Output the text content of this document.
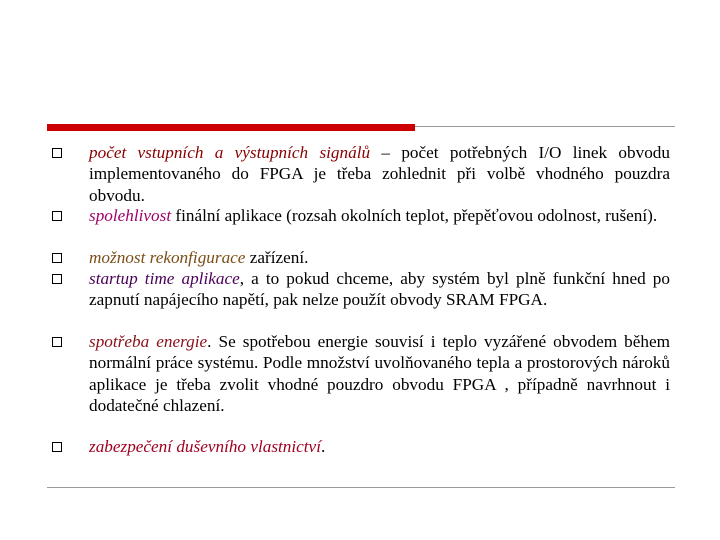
počet vstupních a výstupních signálů – počet potřebných I/O linek obvodu implementovaného do FPGA je třeba zohlednit při volbě vhodného pouzdra obvodu.
spolehlivost finální aplikace (rozsah okolních teplot, přepěťovou odolnost, rušení).
možnost rekonfigurace zařízení.
startup time aplikace, a to pokud chceme, aby systém byl plně funkční hned po zapnutí napájecího napětí, pak nelze použít obvody SRAM FPGA.
spotřeba energie. Se spotřebou energie souvisí i teplo vyzářené obvodem během normální práce systému. Podle množství uvolňovaného tepla a prostorových nároků aplikace je třeba zvolit vhodné pouzdro obvodu FPGA , případně navrhnout i dodatečné chlazení.
zabezpečení duševního vlastnictví.
